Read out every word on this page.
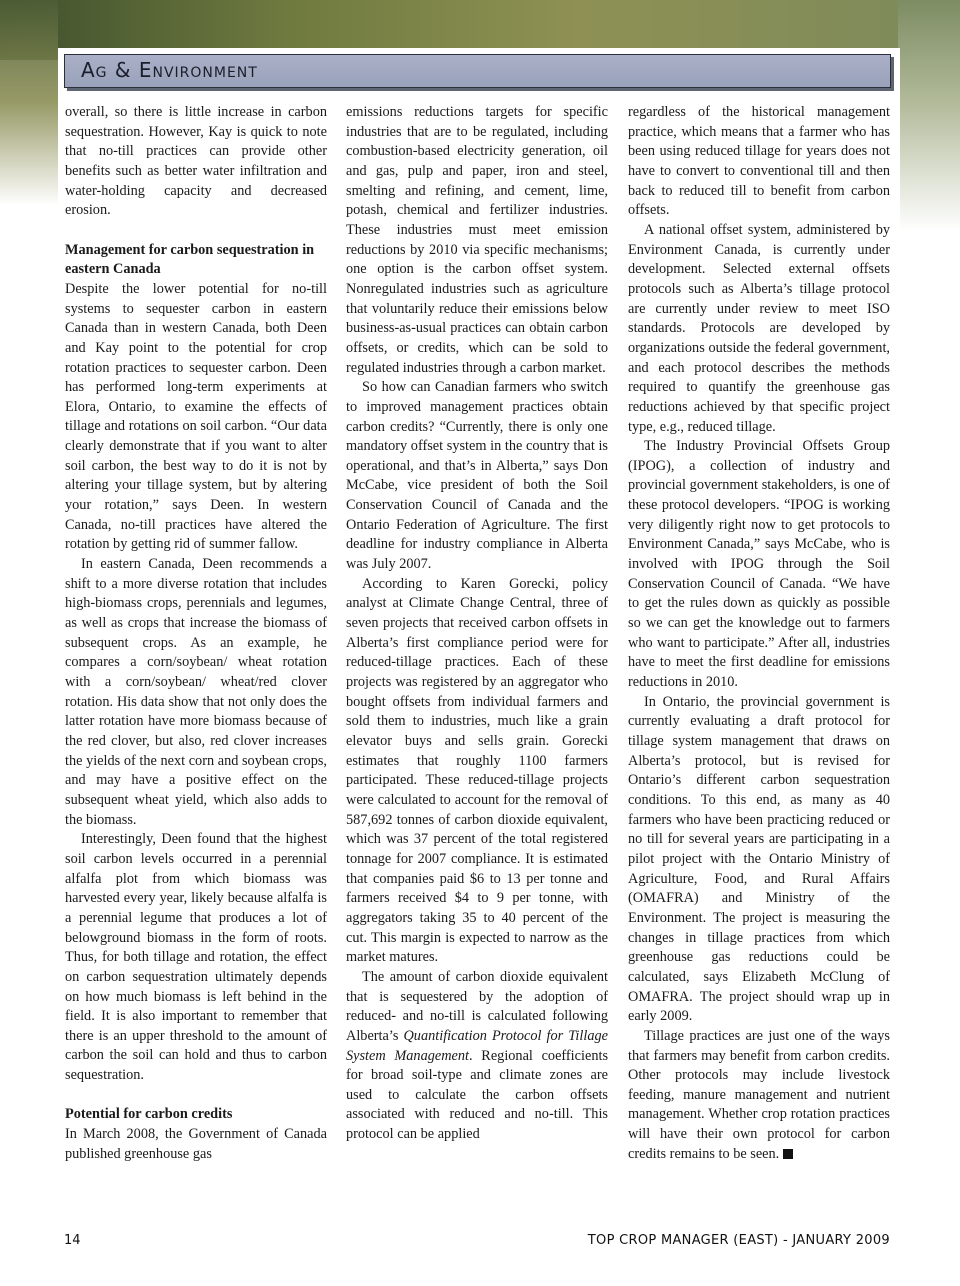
Ag & Environment

overall, so there is little increase in carbon sequestration. However, Kay is quick to note that no-till practices can provide other benefits such as better water infiltration and water-holding capacity and decreased erosion.

Management for carbon sequestration in eastern Canada

Despite the lower potential for no-till systems to sequester carbon in eastern Canada than in western Canada, both Deen and Kay point to the potential for crop rotation practices to sequester carbon. Deen has performed long-term experiments at Elora, Ontario, to examine the effects of tillage and rotations on soil carbon. “Our data clearly demonstrate that if you want to alter soil carbon, the best way to do it is not by altering your tillage system, but by altering your rotation,” says Deen. In western Canada, no-till practices have altered the rotation by getting rid of summer fallow.

In eastern Canada, Deen recommends a shift to a more diverse rotation that includes high-biomass crops, perennials and legumes, as well as crops that increase the biomass of subsequent crops. As an example, he compares a corn/soybean/ wheat rotation with a corn/soybean/ wheat/red clover rotation. His data show that not only does the latter rotation have more biomass because of the red clover, but also, red clover increases the yields of the next corn and soybean crops, and may have a positive effect on the subsequent wheat yield, which also adds to the biomass.

Interestingly, Deen found that the highest soil carbon levels occurred in a perennial alfalfa plot from which biomass was harvested every year, likely because alfalfa is a perennial legume that produces a lot of belowground biomass in the form of roots. Thus, for both tillage and rotation, the effect on carbon sequestration ultimately depends on how much biomass is left behind in the field. It is also important to remember that there is an upper threshold to the amount of carbon the soil can hold and thus to carbon sequestration.

Potential for carbon credits

In March 2008, the Government of Canada published greenhouse gas

emissions reductions targets for specific industries that are to be regulated, including combustion-based electricity generation, oil and gas, pulp and paper, iron and steel, smelting and refining, and cement, lime, potash, chemical and fertilizer industries. These industries must meet emission reductions by 2010 via specific mechanisms; one option is the carbon offset system. Nonregulated industries such as agriculture that voluntarily reduce their emissions below business-as-usual practices can obtain carbon offsets, or credits, which can be sold to regulated industries through a carbon market.

So how can Canadian farmers who switch to improved management practices obtain carbon credits? “Currently, there is only one mandatory offset system in the country that is operational, and that’s in Alberta,” says Don McCabe, vice president of both the Soil Conservation Council of Canada and the Ontario Federation of Agriculture. The first deadline for industry compliance in Alberta was July 2007.

According to Karen Gorecki, policy analyst at Climate Change Central, three of seven projects that received carbon offsets in Alberta’s first compliance period were for reduced-tillage practices. Each of these projects was registered by an aggregator who bought offsets from individual farmers and sold them to industries, much like a grain elevator buys and sells grain. Gorecki estimates that roughly 1100 farmers participated. These reduced-tillage projects were calculated to account for the removal of 587,692 tonnes of carbon dioxide equivalent, which was 37 percent of the total registered tonnage for 2007 compliance. It is estimated that companies paid $6 to 13 per tonne and farmers received $4 to 9 per tonne, with aggregators taking 35 to 40 percent of the cut. This margin is expected to narrow as the market matures.

The amount of carbon dioxide equivalent that is sequestered by the adoption of reduced- and no-till is calculated following Alberta’s Quantification Protocol for Tillage System Management. Regional coefficients for broad soil-type and climate zones are used to calculate the carbon offsets associated with reduced and no-till. This protocol can be applied

regardless of the historical management practice, which means that a farmer who has been using reduced tillage for years does not have to convert to conventional till and then back to reduced till to benefit from carbon offsets.

A national offset system, administered by Environment Canada, is currently under development. Selected external offsets protocols such as Alberta’s tillage protocol are currently under review to meet ISO standards. Protocols are developed by organizations outside the federal government, and each protocol describes the methods required to quantify the greenhouse gas reductions achieved by that specific project type, e.g., reduced tillage.

The Industry Provincial Offsets Group (IPOG), a collection of industry and provincial government stakeholders, is one of these protocol developers. “IPOG is working very diligently right now to get protocols to Environment Canada,” says McCabe, who is involved with IPOG through the Soil Conservation Council of Canada. “We have to get the rules down as quickly as possible so we can get the knowledge out to farmers who want to participate.” After all, industries have to meet the first deadline for emissions reductions in 2010.

In Ontario, the provincial government is currently evaluating a draft protocol for tillage system management that draws on Alberta’s protocol, but is revised for Ontario’s different carbon sequestration conditions. To this end, as many as 40 farmers who have been practicing reduced or no till for several years are participating in a pilot project with the Ontario Ministry of Agriculture, Food, and Rural Affairs (OMAFRA) and Ministry of the Environment. The project is measuring the changes in tillage practices from which greenhouse gas reductions could be calculated, says Elizabeth McClung of OMAFRA. The project should wrap up in early 2009.

Tillage practices are just one of the ways that farmers may benefit from carbon credits. Other protocols may include livestock feeding, manure management and nutrient management. Whether crop rotation practices will have their own protocol for carbon credits remains to be seen.

14	TOP CROP MANAGER (EAST) - JANUARY 2009
